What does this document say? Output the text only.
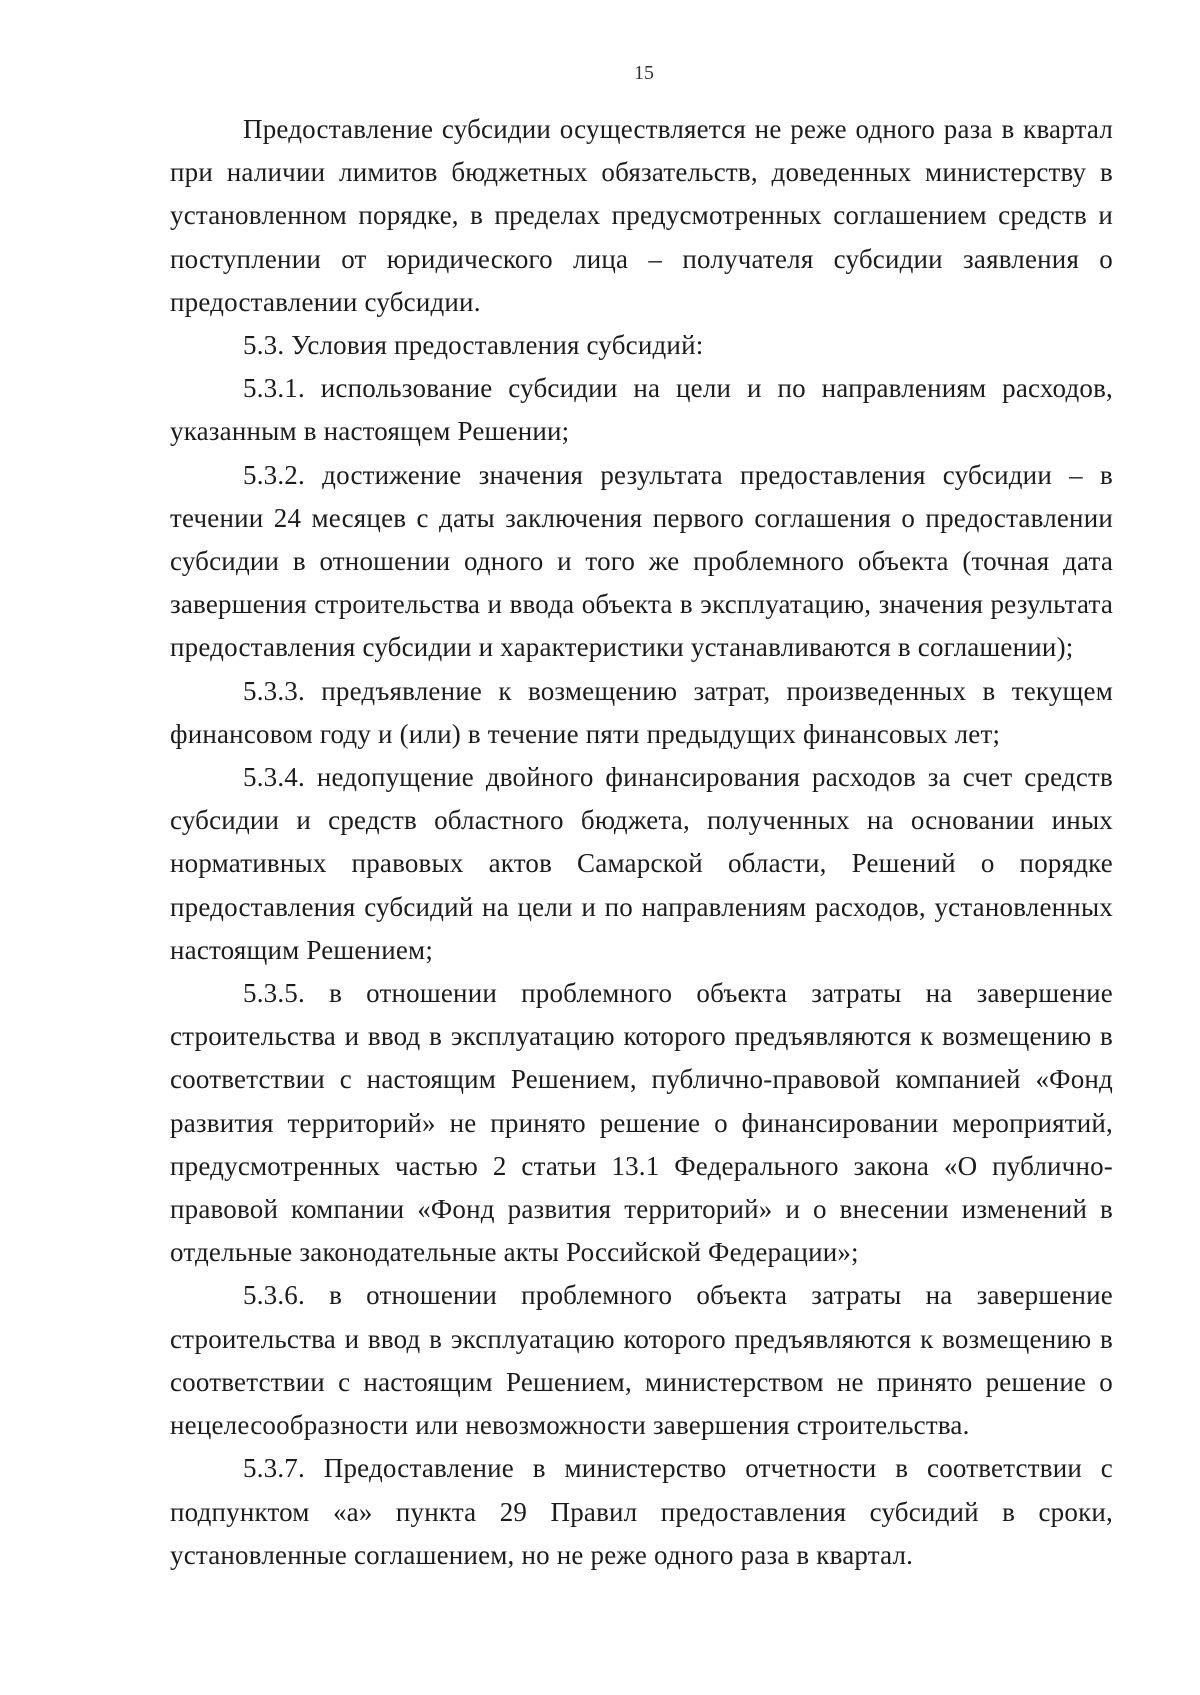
15

Предоставление субсидии осуществляется не реже одного раза в квартал при наличии лимитов бюджетных обязательств, доведенных министерству в установленном порядке, в пределах предусмотренных соглашением средств и поступлении от юридического лица – получателя субсидии заявления о предоставлении субсидии.

5.3. Условия предоставления субсидий:

5.3.1. использование субсидии на цели и по направлениям расходов, указанным в настоящем Решении;

5.3.2. достижение значения результата предоставления субсидии – в течении 24 месяцев с даты заключения первого соглашения о предоставлении субсидии в отношении одного и того же проблемного объекта (точная дата завершения строительства и ввода объекта в эксплуатацию, значения результата предоставления субсидии и характеристики устанавливаются в соглашении);

5.3.3. предъявление к возмещению затрат, произведенных в текущем финансовом году и (или) в течение пяти предыдущих финансовых лет;

5.3.4. недопущение двойного финансирования расходов за счет средств субсидии и средств областного бюджета, полученных на основании иных нормативных правовых актов Самарской области, Решений о порядке предоставления субсидий на цели и по направлениям расходов, установленных настоящим Решением;

5.3.5. в отношении проблемного объекта затраты на завершение строительства и ввод в эксплуатацию которого предъявляются к возмещению в соответствии с настоящим Решением, публично-правовой компанией «Фонд развития территорий» не принято решение о финансировании мероприятий, предусмотренных частью 2 статьи 13.1 Федерального закона «О публично-правовой компании «Фонд развития территорий» и о внесении изменений в отдельные законодательные акты Российской Федерации»;

5.3.6. в отношении проблемного объекта затраты на завершение строительства и ввод в эксплуатацию которого предъявляются к возмещению в соответствии с настоящим Решением, министерством не принято решение о нецелесообразности или невозможности завершения строительства.

5.3.7. Предоставление в министерство отчетности в соответствии с подпунктом «а» пункта 29 Правил предоставления субсидий в сроки, установленные соглашением, но не реже одного раза в квартал.
